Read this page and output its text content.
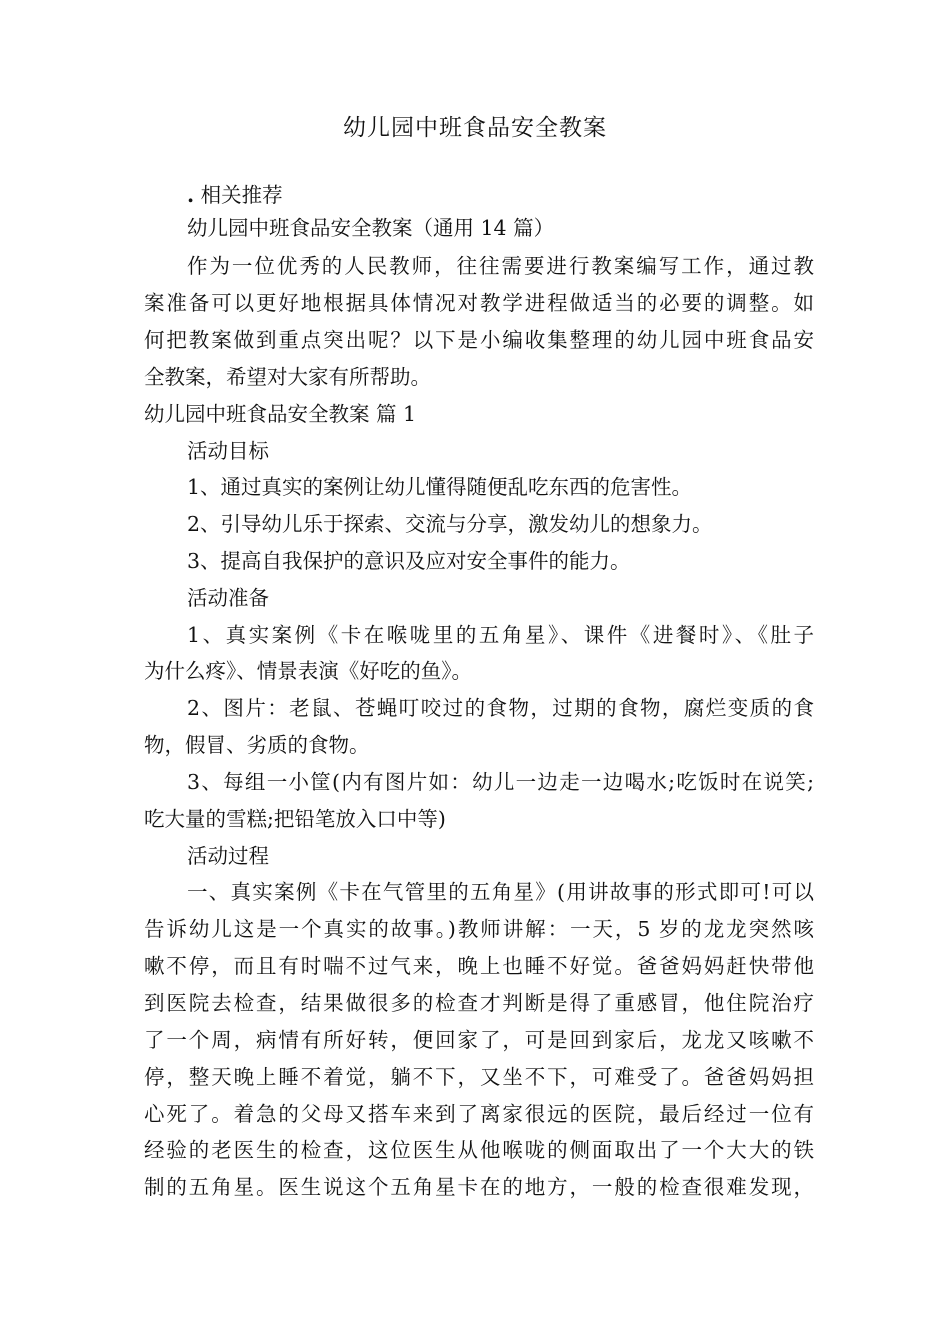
幼儿园中班食品安全教案
. 相关推荐
幼儿园中班食品安全教案（通用 14 篇）
作为一位优秀的人民教师，往往需要进行教案编写工作，通过教
案准备可以更好地根据具体情况对教学进程做适当的必要的调整。如
何把教案做到重点突出呢？以下是小编收集整理的幼儿园中班食品安
全教案，希望对大家有所帮助。
幼儿园中班食品安全教案 篇 1
活动目标
1、通过真实的案例让幼儿懂得随便乱吃东西的危害性。
2、引导幼儿乐于探索、交流与分享，激发幼儿的想象力。
3、提高自我保护的意识及应对安全事件的能力。
活动准备
1、真实案例《卡在喉咙里的五角星》、课件《进餐时》、《肚子
为什么疼》、情景表演《好吃的鱼》。
2、图片：老鼠、苍蝇叮咬过的食物，过期的食物，腐烂变质的食
物，假冒、劣质的食物。
3、每组一小筐(内有图片如：幼儿一边走一边喝水;吃饭时在说笑;
吃大量的雪糕;把铅笔放入口中等)
活动过程
一、真实案例《卡在气管里的五角星》(用讲故事的形式即可!可以
告诉幼儿这是一个真实的故事。)教师讲解：一天，5 岁的龙龙突然咳
嗽不停，而且有时喘不过气来，晚上也睡不好觉。爸爸妈妈赶快带他
到医院去检查，结果做很多的检查才判断是得了重感冒，他住院治疗
了一个周，病情有所好转，便回家了，可是回到家后，龙龙又咳嗽不
停，整天晚上睡不着觉，躺不下，又坐不下，可难受了。爸爸妈妈担
心死了。着急的父母又搭车来到了离家很远的医院，最后经过一位有
经验的老医生的检查，这位医生从他喉咙的侧面取出了一个大大的铁
制的五角星。医生说这个五角星卡在的地方，一般的检查很难发现，
